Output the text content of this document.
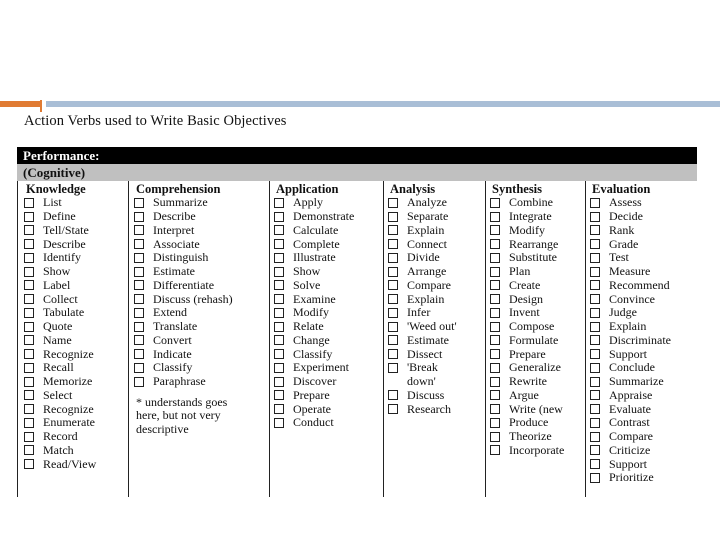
Action Verbs used to Write Basic Objectives
Performance:
(Cognitive)
Knowledge
List
Define
Tell/State
Describe
Identify
Show
Label
Collect
Tabulate
Quote
Name
Recognize
Recall
Memorize
Select
Recognize
Enumerate
Record
Match
Read/View
Comprehension
Summarize
Describe
Interpret
Associate
Distinguish
Estimate
Differentiate
Discuss (rehash)
Extend
Translate
Convert
Indicate
Classify
Paraphrase
* understands goes
here, but not very
descriptive
Application
Apply
Demonstrate
Calculate
Complete
Illustrate
Show
Solve
Examine
Modify
Relate
Change
Classify
Experiment
Discover
Prepare
Operate
Conduct
Analysis
Analyze
Separate
Explain
Connect
Divide
Arrange
Compare
Explain
Infer
'Weed out'
Estimate
Dissect
'Break
down'
Discuss
Research
Synthesis
Combine
Integrate
Modify
Rearrange
Substitute
Plan
Create
Design
Invent
Compose
Formulate
Prepare
Generalize
Rewrite
Argue
Write (new
Produce
Theorize
Incorporate
Evaluation
Assess
Decide
Rank
Grade
Test
Measure
Recommend
Convince
Judge
Explain
Discriminate
Support
Conclude
Summarize
Appraise
Evaluate
Contrast
Compare
Criticize
Support
Prioritize
